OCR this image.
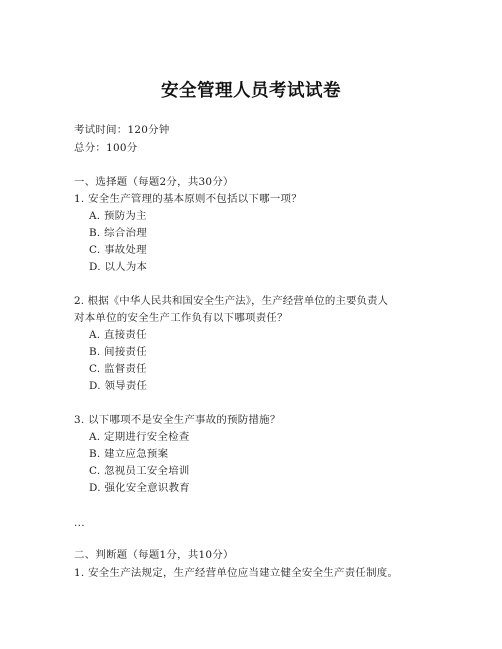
安全管理人员考试试卷
考试时间：120分钟
总分：100分
一、选择题（每题2分，共30分）
1. 安全生产管理的基本原则不包括以下哪一项？
A. 预防为主
B. 综合治理
C. 事故处理
D. 以人为本
2. 根据《中华人民共和国安全生产法》，生产经营单位的主要负责人
对本单位的安全生产工作负有以下哪项责任？
A. 直接责任
B. 间接责任
C. 监督责任
D. 领导责任
3. 以下哪项不是安全生产事故的预防措施？
A. 定期进行安全检查
B. 建立应急预案
C. 忽视员工安全培训
D. 强化安全意识教育
...
二、判断题（每题1分，共10分）
1. 安全生产法规定，生产经营单位应当建立健全安全生产责任制度。
